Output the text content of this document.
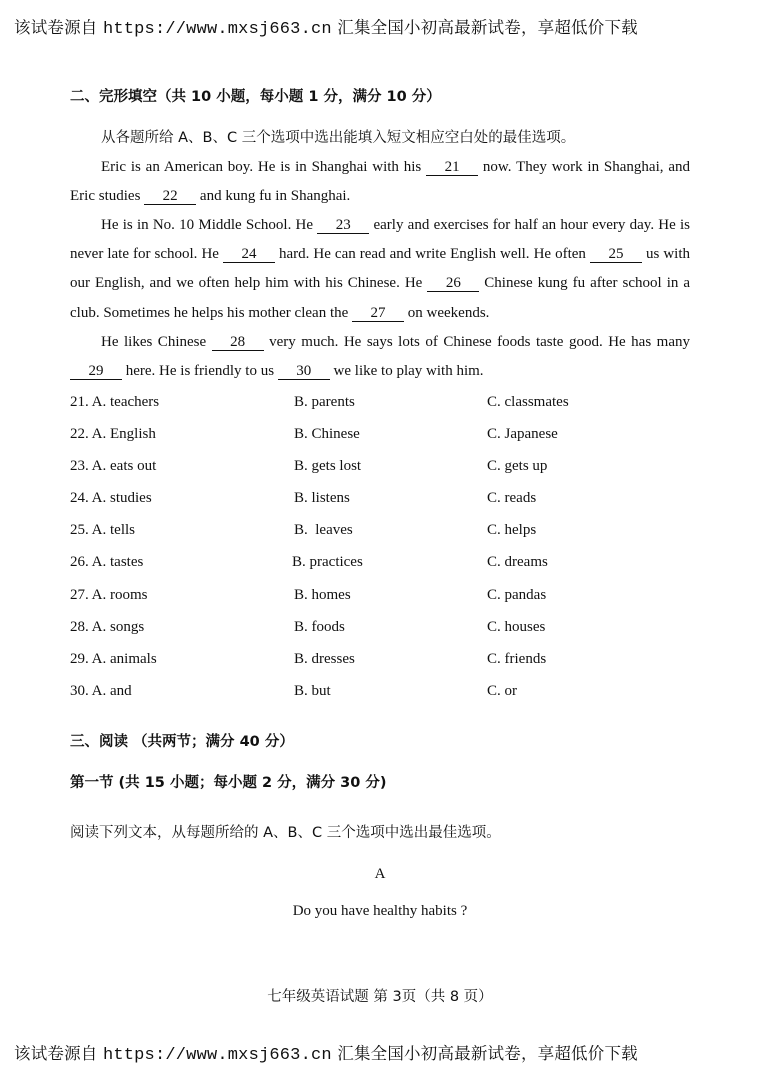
该试卷源自 https://www.mxsj663.cn 汇集全国小初高最新试卷，享超低价下载
二、完形填空（共 10 小题，每小题 1 分，满分 10 分）

从各题所给 A、B、C 三个选项中选出能填入短文相应空白处的最佳选项。

Eric is an American boy. He is in Shanghai with his 21 now. They work in Shanghai, and Eric studies 22 and kung fu in Shanghai.

He is in No. 10 Middle School. He 23 early and exercises for half an hour every day. He is never late for school. He 24 hard. He can read and write English well. He often 25 us with our English, and we often help him with his Chinese. He 26 Chinese kung fu after school in a club. Sometimes he helps his mother clean the 27 on weekends.

He likes Chinese 28 very much. He says lots of Chinese foods taste good. He has many 29 here. He is friendly to us 30 we like to play with him.

21. A. teachers	B. parents	C. classmates
22. A. English	B. Chinese	C. Japanese
23. A. eats out	B. gets lost	C. gets up
24. A. studies	B. listens	C. reads
25. A. tells	B.  leaves	C. helps
26. A. tastes	B. practices	C. dreams
27. A. rooms	B. homes	C. pandas
28. A. songs	B. foods	C. houses
29. A. animals	B. dresses	C. friends
30. A. and	B. but	C. or
三、阅读 （共两节；满分 40 分）
第一节 (共 15 小题；每小题 2 分，满分 30 分)
阅读下列文本，从每题所给的 A、B、C 三个选项中选出最佳选项。
A
Do you have healthy habits ?
七年级英语试题 第 3页（共 8 页）
该试卷源自 https://www.mxsj663.cn 汇集全国小初高最新试卷，享超低价下载
